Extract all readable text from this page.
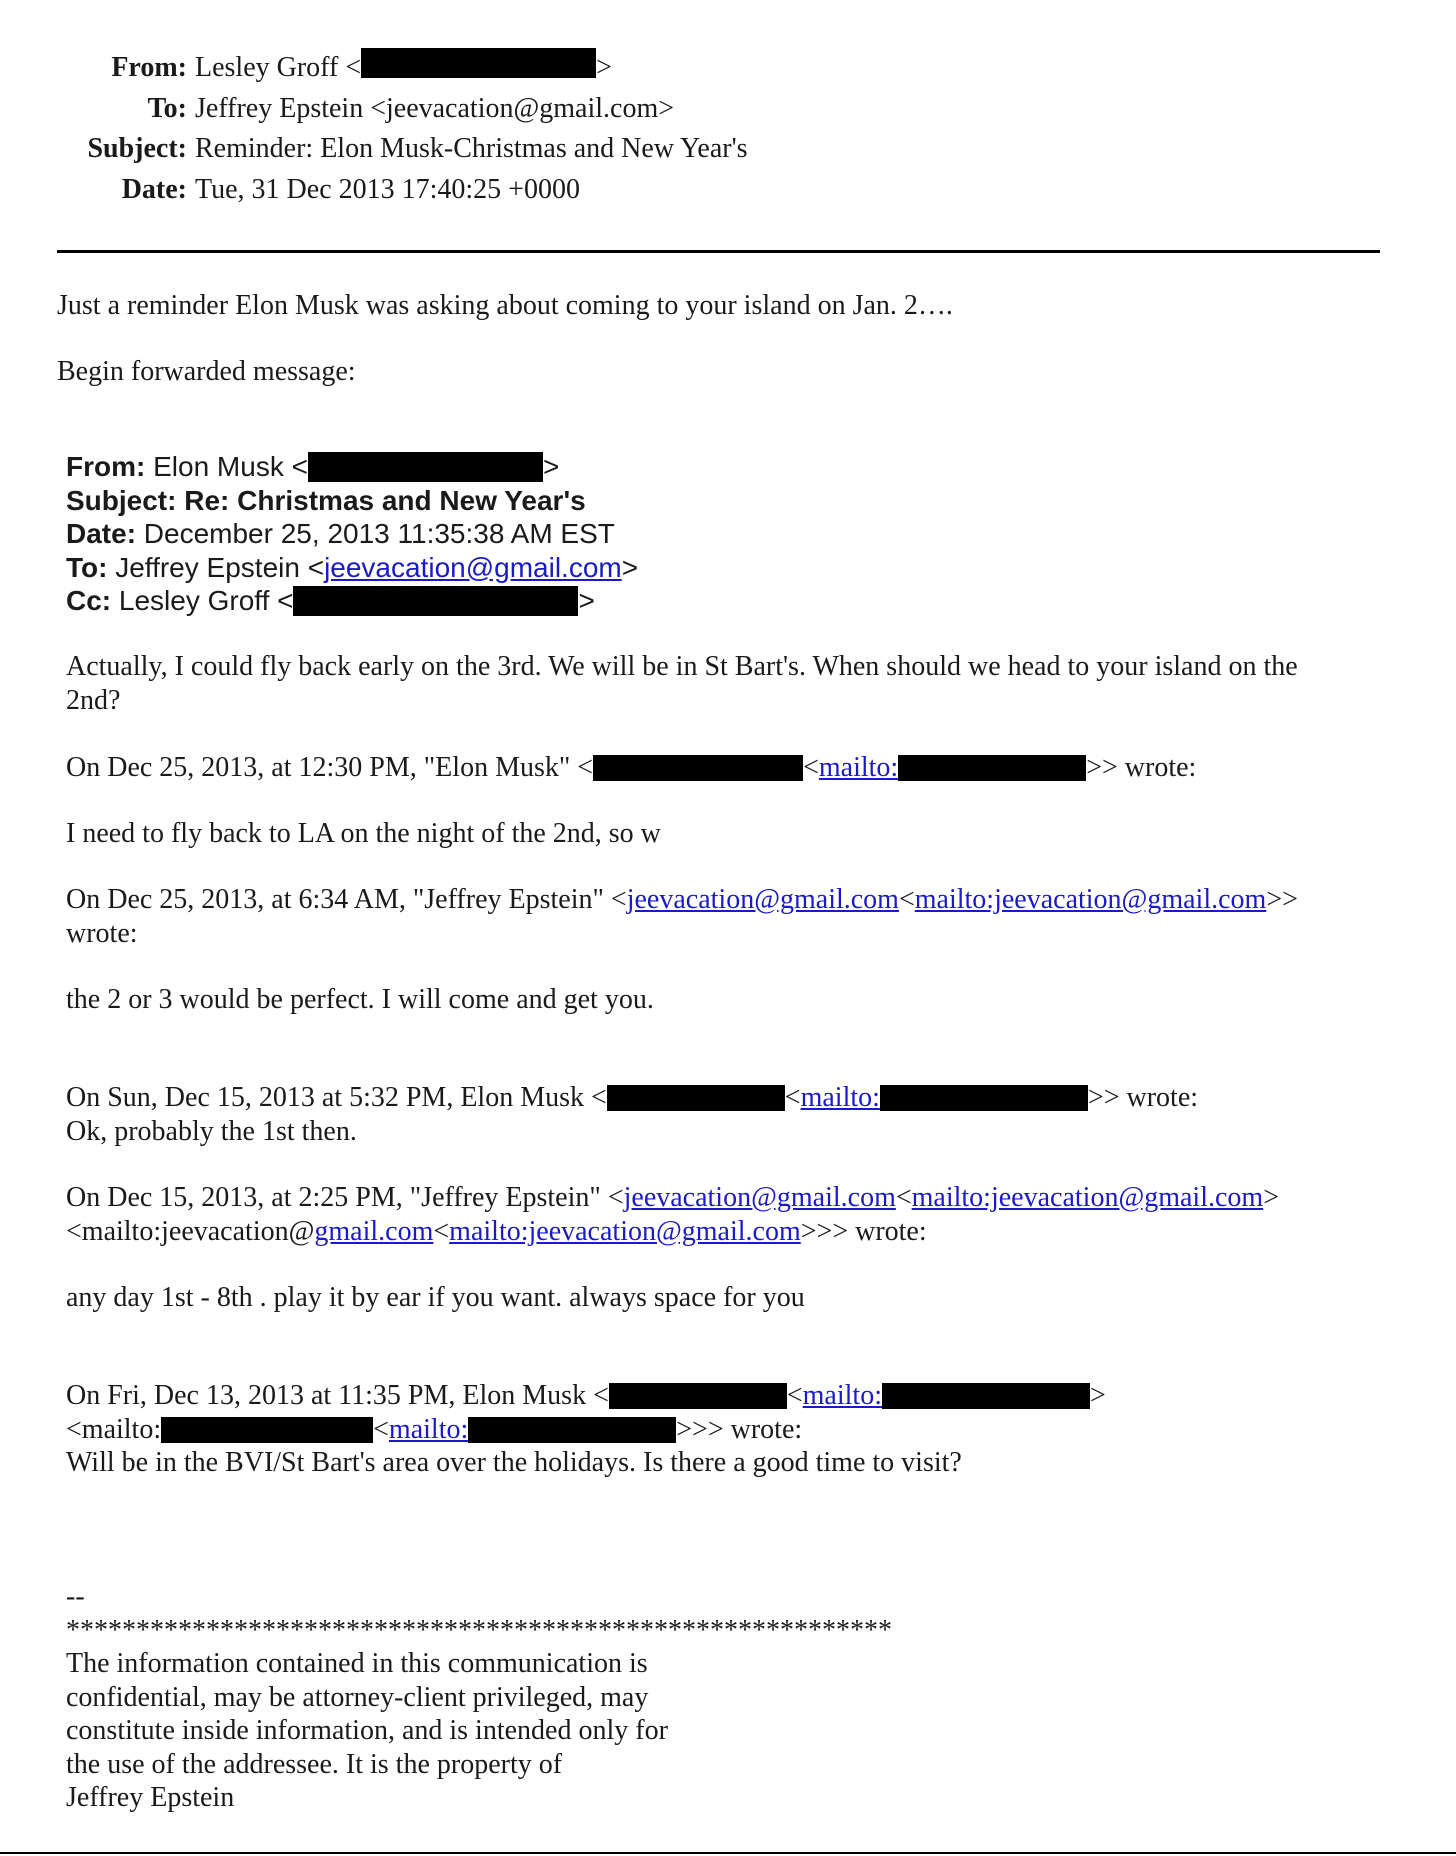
From: Lesley Groff <	>
To: Jeffrey Epstein <jeevacation@gmail.com>
Subject: Reminder: Elon Musk-Christmas and New Year's
Date: Tue, 31 Dec 2013 17:40:25 +0000
Just a reminder Elon Musk was asking about coming to your island on Jan. 2….
Begin forwarded message:
From: Elon Musk <	>
Subject: Re: Christmas and New Year's
Date: December 25, 2013 11:35:38 AM EST
To: Jeffrey Epstein <jeevacation@gmail.com>
Cc: Lesley Groff <	>
Actually, I could fly back early on the 3rd. We will be in St Bart's. When should we head to your island on the
2nd?
On Dec 25, 2013, at 12:30 PM, "Elon Musk" <	<mailto:	>> wrote:
I need to fly back to LA on the night of the 2nd, so w
On Dec 25, 2013, at 6:34 AM, "Jeffrey Epstein" <jeevacation@gmail.com<mailto:jeevacation@gmail.com>>
wrote:
the 2 or 3 would be perfect. I will come and get you.
On Sun, Dec 15, 2013 at 5:32 PM, Elon Musk <	<mailto:	>> wrote:
Ok, probably the 1st then.
On Dec 15, 2013, at 2:25 PM, "Jeffrey Epstein" <jeevacation@gmail.com<mailto:jeevacation@gmail.com>
<mailto:jeevacation@gmail.com<mailto:jeevacation@gmail.com>>> wrote:
any day 1st - 8th . play it by ear if you want. always space for you
On Fri, Dec 13, 2013 at 11:35 PM, Elon Musk <	<mailto:	>
<mailto:	<mailto:	>>> wrote:
Will be in the BVI/St Bart's area over the holidays. Is there a good time to visit?
--
***********************************************************
The information contained in this communication is
confidential, may be attorney-client privileged, may
constitute inside information, and is intended only for
the use of the addressee. It is the property of
Jeffrey Epstein
